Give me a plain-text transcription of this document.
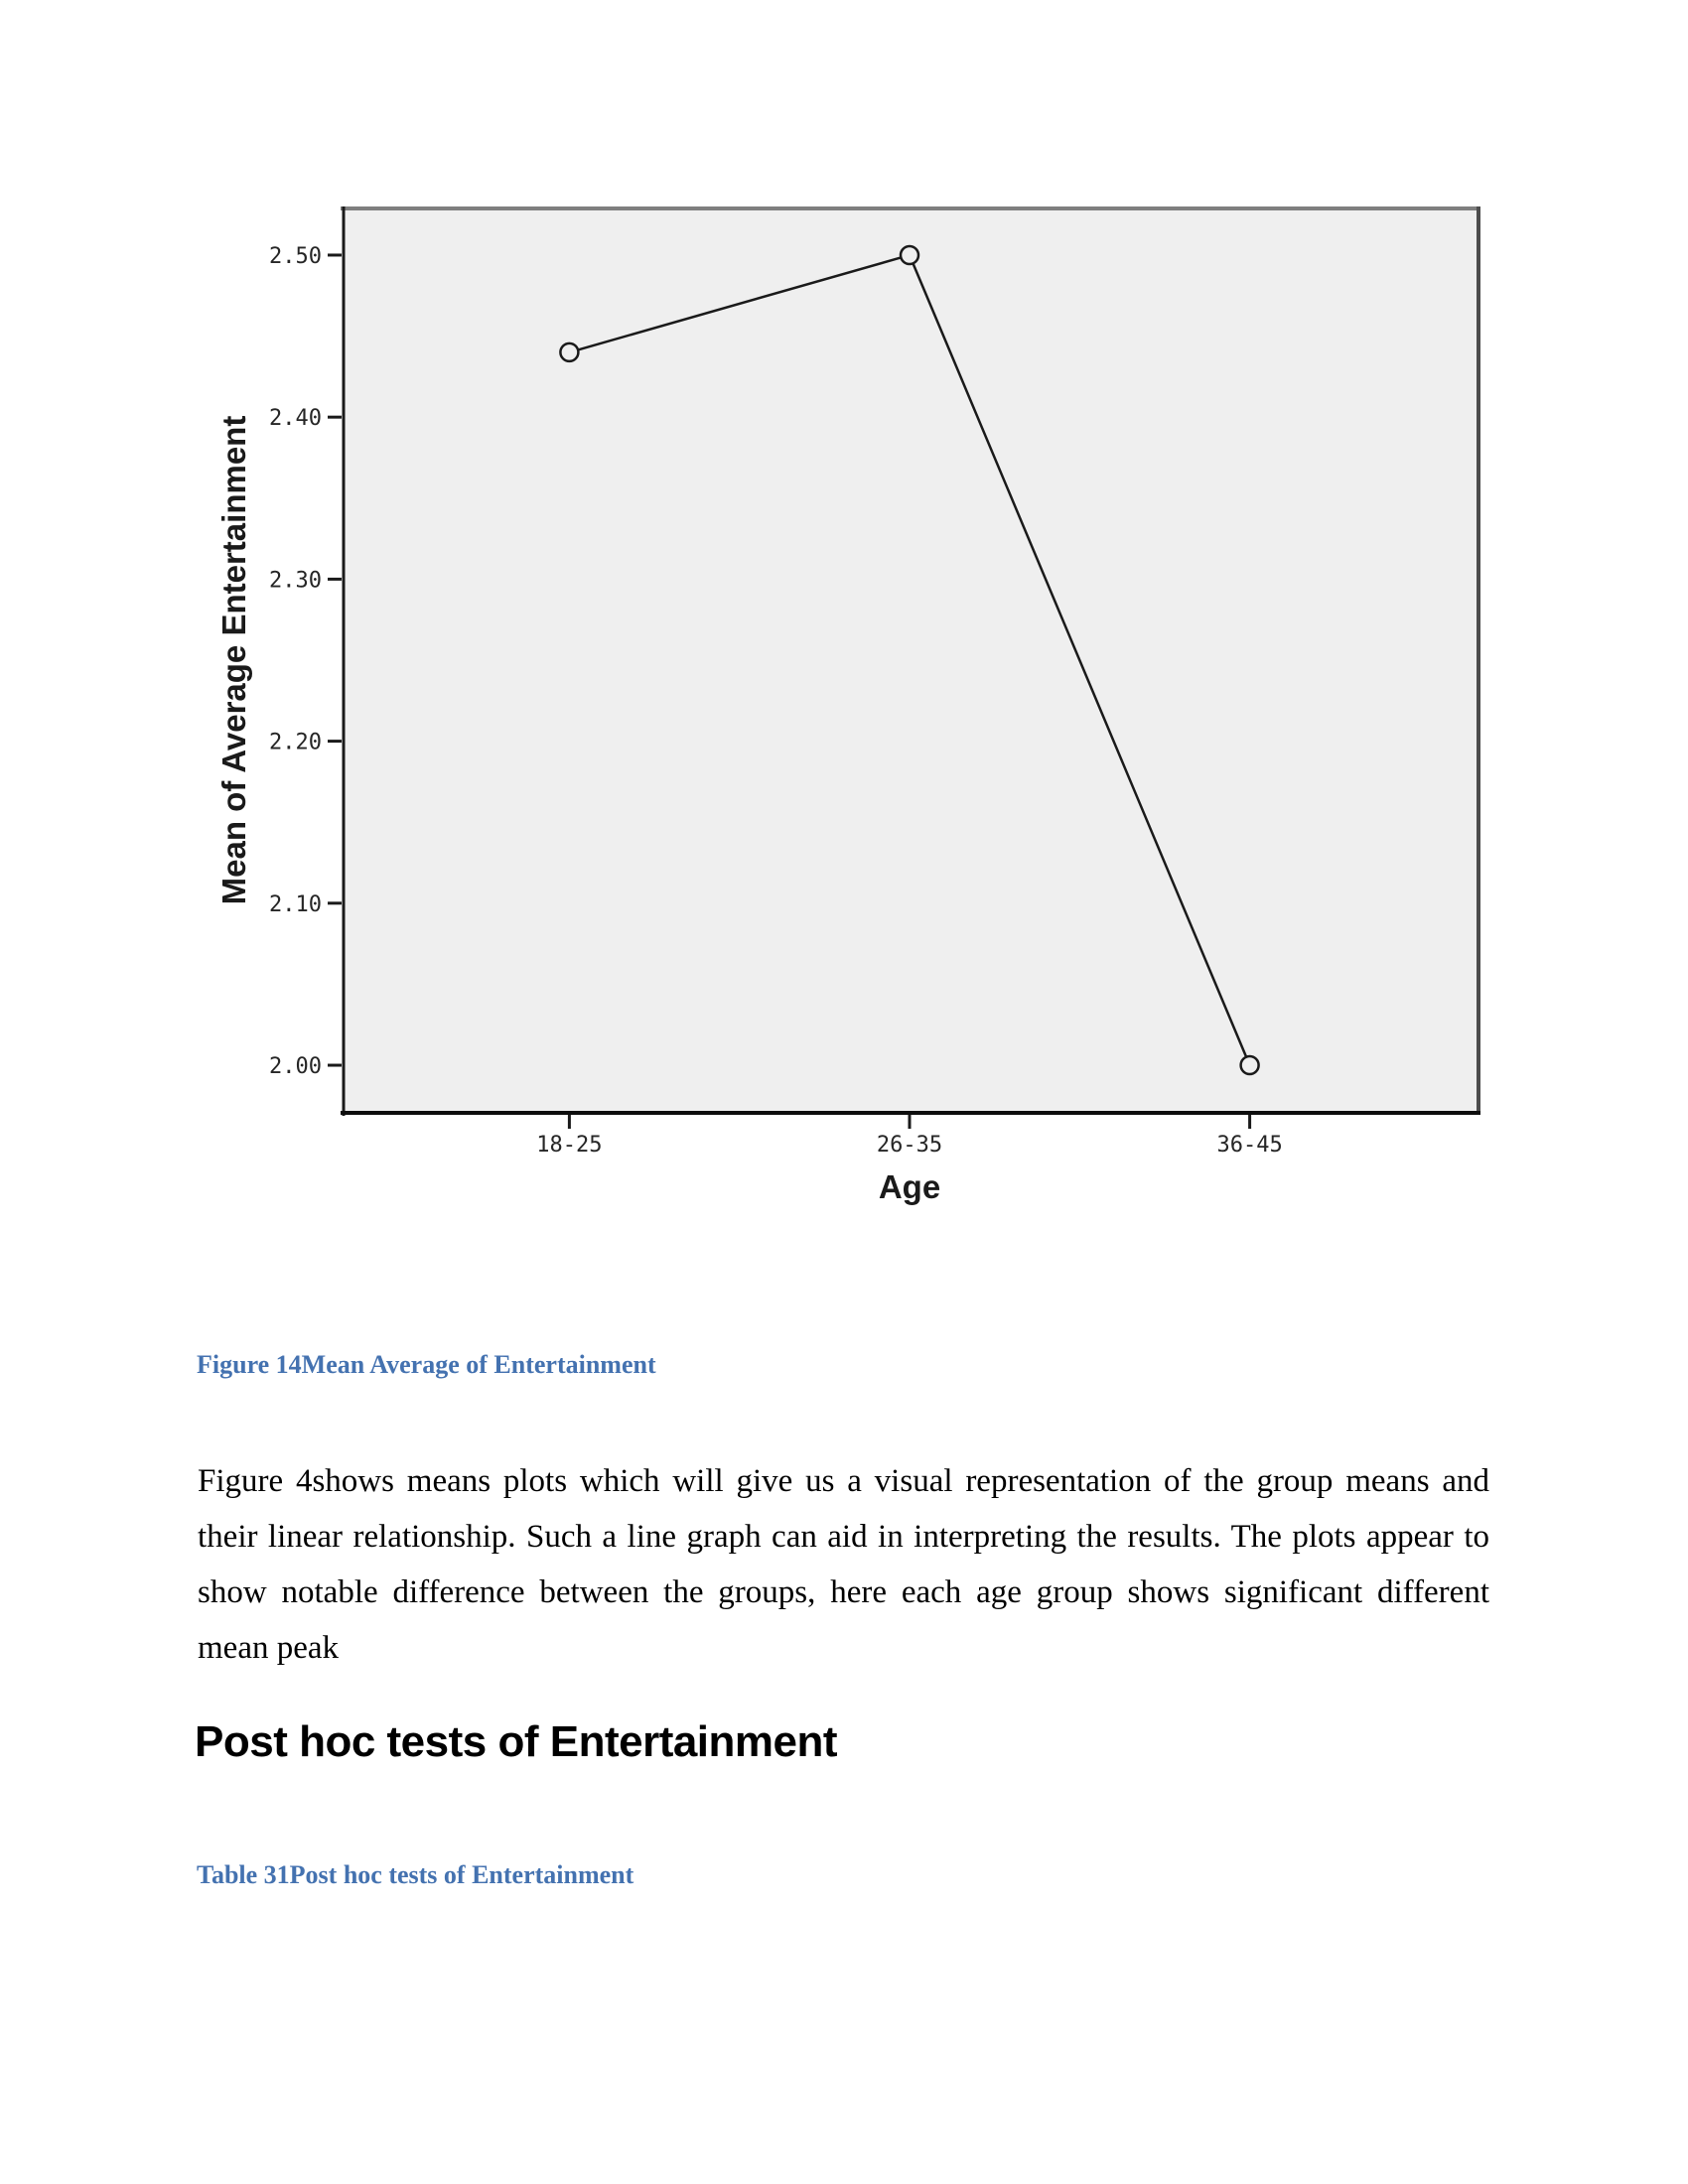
2.00
2.10
2.20
2.30
2.40
2.50
18-25	26-35	36-45
Mean of Average Entertainment
Age
Figure 14Mean Average of Entertainment
Figure 4shows means plots which will give us a visual representation of the group means and
their linear relationship. Such a line graph can aid in interpreting the results. The plots appear to
show notable difference between the groups, here each age group shows significant different
mean peak
Post hoc tests of Entertainment
Table 31Post hoc tests of Entertainment
